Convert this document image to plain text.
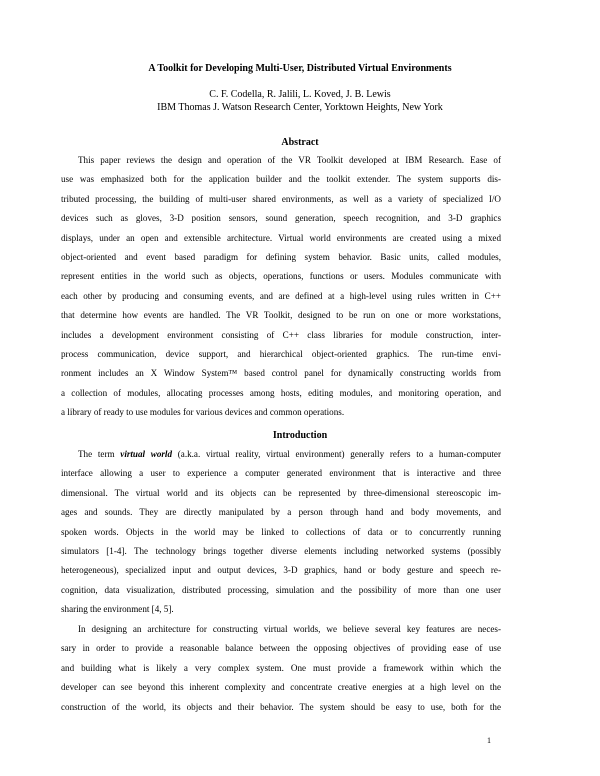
A Toolkit for Developing Multi-User, Distributed Virtual Environments
C. F. Codella, R. Jalili, L. Koved, J. B. Lewis
IBM Thomas J. Watson Research Center, Yorktown Heights, New York
Abstract
This paper reviews the design and operation of the VR Toolkit developed at IBM Research. Ease of
use was emphasized both for the application builder and the toolkit extender. The system supports dis-
tributed processing, the building of multi-user shared environments, as well as a variety of specialized I/O
devices such as gloves, 3-D position sensors, sound generation, speech recognition, and 3-D graphics
displays, under an open and extensible architecture. Virtual world environments are created using a mixed
object-oriented and event based paradigm for defining system behavior. Basic units, called modules,
represent entities in the world such as objects, operations, functions or users. Modules communicate with
each other by producing and consuming events, and are defined at a high-level using rules written in C++
that determine how events are handled. The VR Toolkit, designed to be run on one or more workstations,
includes a development environment consisting of C++ class libraries for module construction, inter-
process communication, device support, and hierarchical object-oriented graphics. The run-time envi-
ronment includes an X Window System™ based control panel for dynamically constructing worlds from
a collection of modules, allocating processes among hosts, editing modules, and monitoring operation, and
a library of ready to use modules for various devices and common operations.
Introduction
The term virtual world (a.k.a. virtual reality, virtual environment) generally refers to a human-computer
interface allowing a user to experience a computer generated environment that is interactive and three
dimensional. The virtual world and its objects can be represented by three-dimensional stereoscopic im-
ages and sounds. They are directly manipulated by a person through hand and body movements, and
spoken words. Objects in the world may be linked to collections of data or to concurrently running
simulators [1-4]. The technology brings together diverse elements including networked systems (possibly
heterogeneous), specialized input and output devices, 3-D graphics, hand or body gesture and speech re-
cognition, data visualization, distributed processing, simulation and the possibility of more than one user
sharing the environment [4, 5].
In designing an architecture for constructing virtual worlds, we believe several key features are neces-
sary in order to provide a reasonable balance between the opposing objectives of providing ease of use
and building what is likely a very complex system. One must provide a framework within which the
developer can see beyond this inherent complexity and concentrate creative energies at a high level on the
construction of the world, its objects and their behavior. The system should be easy to use, both for the
1
